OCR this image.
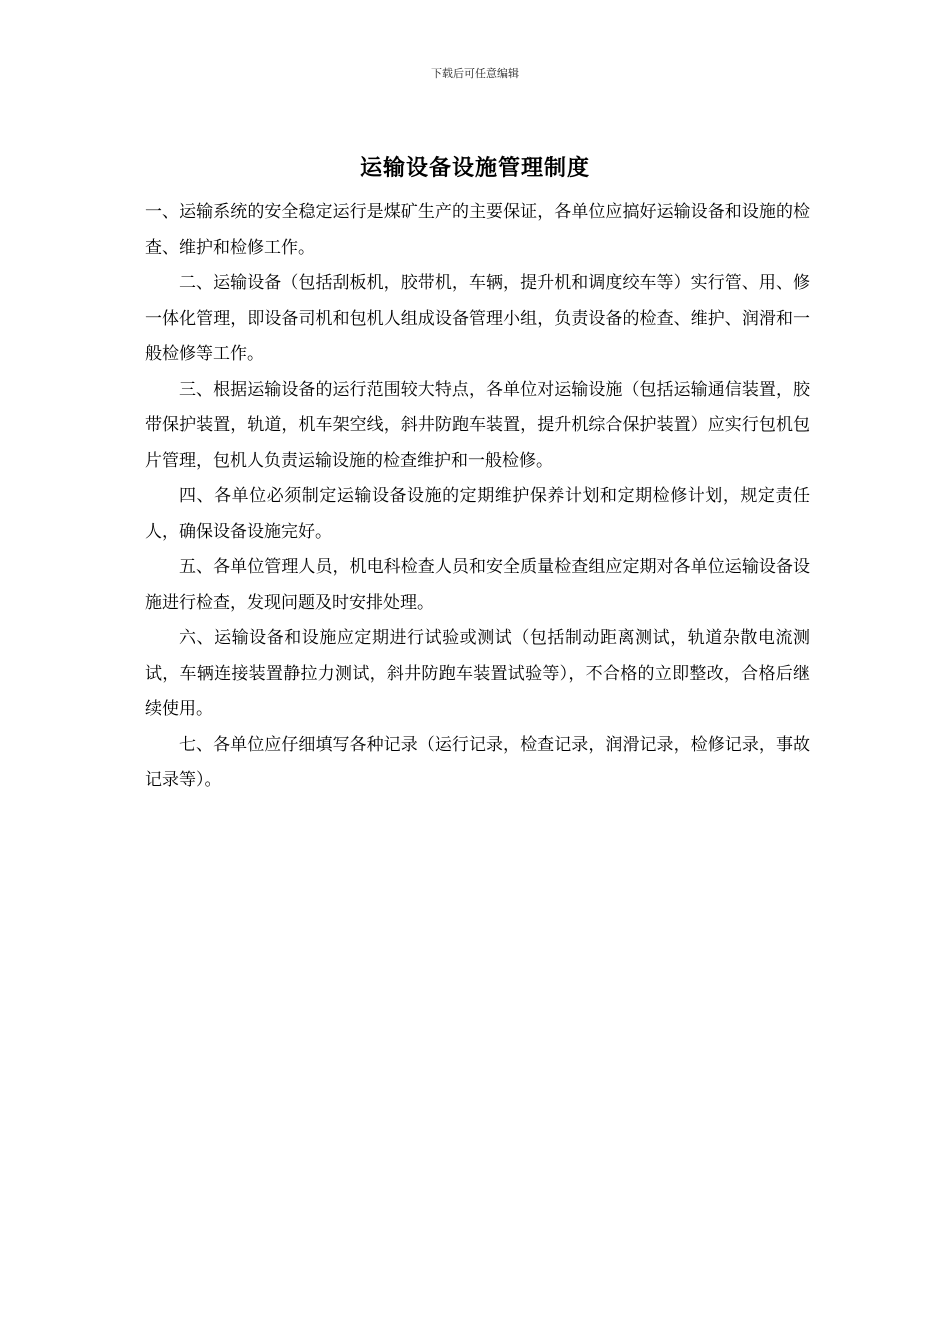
下载后可任意编辑
运输设备设施管理制度

一、运输系统的安全稳定运行是煤矿生产的主要保证，各单位应搞好运输设备和设施的检查、维护和检修工作。

二、运输设备（包括刮板机，胶带机，车辆，提升机和调度绞车等）实行管、用、修一体化管理，即设备司机和包机人组成设备管理小组，负责设备的检查、维护、润滑和一般检修等工作。

三、根据运输设备的运行范围较大特点，各单位对运输设施（包括运输通信装置，胶带保护装置，轨道，机车架空线，斜井防跑车装置，提升机综合保护装置）应实行包机包片管理，包机人负责运输设施的检查维护和一般检修。

四、各单位必须制定运输设备设施的定期维护保养计划和定期检修计划，规定责任人，确保设备设施完好。

五、各单位管理人员，机电科检查人员和安全质量检查组应定期对各单位运输设备设施进行检查，发现问题及时安排处理。

六、运输设备和设施应定期进行试验或测试（包括制动距离测试，轨道杂散电流测试，车辆连接装置静拉力测试，斜井防跑车装置试验等），不合格的立即整改，合格后继续使用。

七、各单位应仔细填写各种记录（运行记录，检查记录，润滑记录，检修记录，事故记录等）。
